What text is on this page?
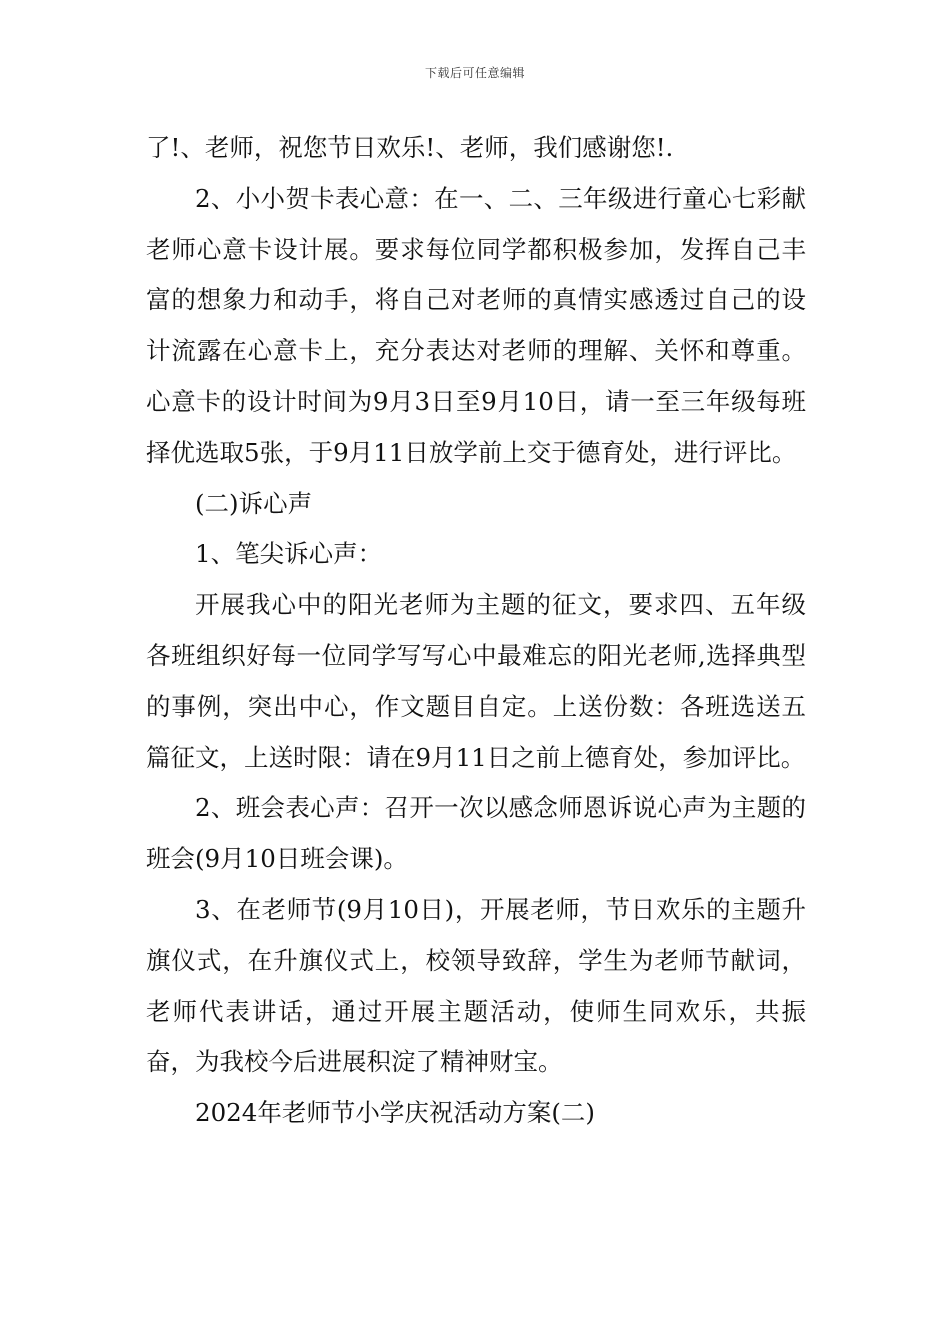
下载后可任意编辑

了!、老师，祝您节日欢乐!、老师，我们感谢您!.

2、小小贺卡表心意：在一、二、三年级进行童心七彩献老师心意卡设计展。要求每位同学都积极参加，发挥自己丰富的想象力和动手，将自己对老师的真情实感透过自己的设计流露在心意卡上，充分表达对老师的理解、关怀和尊重。心意卡的设计时间为9月3日至9月10日，请一至三年级每班择优选取5张，于9月11日放学前上交于德育处，进行评比。

(二)诉心声

1、笔尖诉心声：

开展我心中的阳光老师为主题的征文，要求四、五年级各班组织好每一位同学写写心中最难忘的阳光老师,选择典型的事例，突出中心，作文题目自定。上送份数：各班选送五篇征文，上送时限：请在9月11日之前上德育处，参加评比。

2、班会表心声：召开一次以感念师恩诉说心声为主题的班会(9月10日班会课)。

3、在老师节(9月10日)，开展老师，节日欢乐的主题升旗仪式，在升旗仪式上，校领导致辞，学生为老师节献词，老师代表讲话，通过开展主题活动，使师生同欢乐，共振奋，为我校今后进展积淀了精神财宝。

2024年老师节小学庆祝活动方案(二)
